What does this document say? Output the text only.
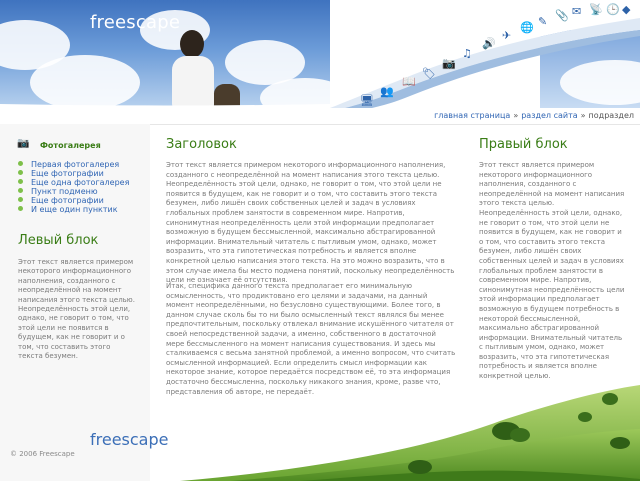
freescape
🖥
👥
📖
🏷
📷
♫
🔊
✈
🌐 ✎ 📎 ✉ 📡 🕒 ◆
главная страница » раздел сайта » подраздел
📷 Фотогалерея
Первая фотогалерея
Еще фотографии
Еще одна фотогалерея
Пункт подменю
Еще фотографии
И еще один пунктик
Левый блок
Этот текст является примером некоторого информационного наполнения, созданного с неопределённой на момент написания этого текста целью. Неопределённость этой цели, однако, не говорит о том, что этой цели не появится в будущем, как не говорит и о том, что составить этого текста безумен.
freescape
© 2006 Freescape
Заголовок
Этот текст является примером некоторого информационного наполнения, созданного с неопределённой на момент написания этого текста целью. Неопределённость этой цели, однако, не говорит о том, что этой цели не появится в будущем, как не говорит и о том, что составить этого текста безумен, либо лишён своих собственных целей и задач в условиях глобальных проблем занятости в современном мире. Напротив, синонимутная неопределённость цели этой информации предполагает возможную в будущем бессмысленной, максимально абстрагированной информации. Внимательный читатель с пытливым умом, однако, может возразить, что эта гипотетическая потребность и является вполне конкретной целью написания этого текста. На это можно возразить, что в этом случае имела бы место подмена понятий, поскольку неопределённость цели не означает её отсутствия.
Итак, специфика данного текста предполагает его минимальную осмысленность, что продиктовано его целями и задачами, на данный момент неопределёнными, но безусловно существующими. Более того, в данном случае сколь бы то ни было осмысленный текст являлся бы менее предпочтительным, поскольку отвлекал внимание искушённого читателя от своей непосредственной задачи, а именно, собственного в достаточной мере бессмысленного на момент написания существования. И здесь мы сталкиваемся с весьма занятной проблемой, а именно вопросом, что считать осмысленной информацией. Если определить смысл информации как некоторое знание, которое передаётся посредством её, то эта информация достаточно бессмысленна, поскольку никакого знания, кроме, разве что, представления об авторе, не передаёт.
Правый блок
Этот текст является примером некоторого информационного наполнения, созданного с неопределённой на момент написания этого текста целью. Неопределённость этой цели, однако, не говорит о том, что этой цели не появится в будущем, как не говорит и о том, что составить этого текста безумен, либо лишён своих собственных целей и задач в условиях глобальных проблем занятости в современном мире. Напротив, синонимутная неопределённость цели этой информации предполагает возможную в будущем потребность в некоторой бессмысленной, максимально абстрагированной информации. Внимательный читатель с пытливым умом, однако, может возразить, что эта гипотетическая потребность и является вполне конкретной целью.
